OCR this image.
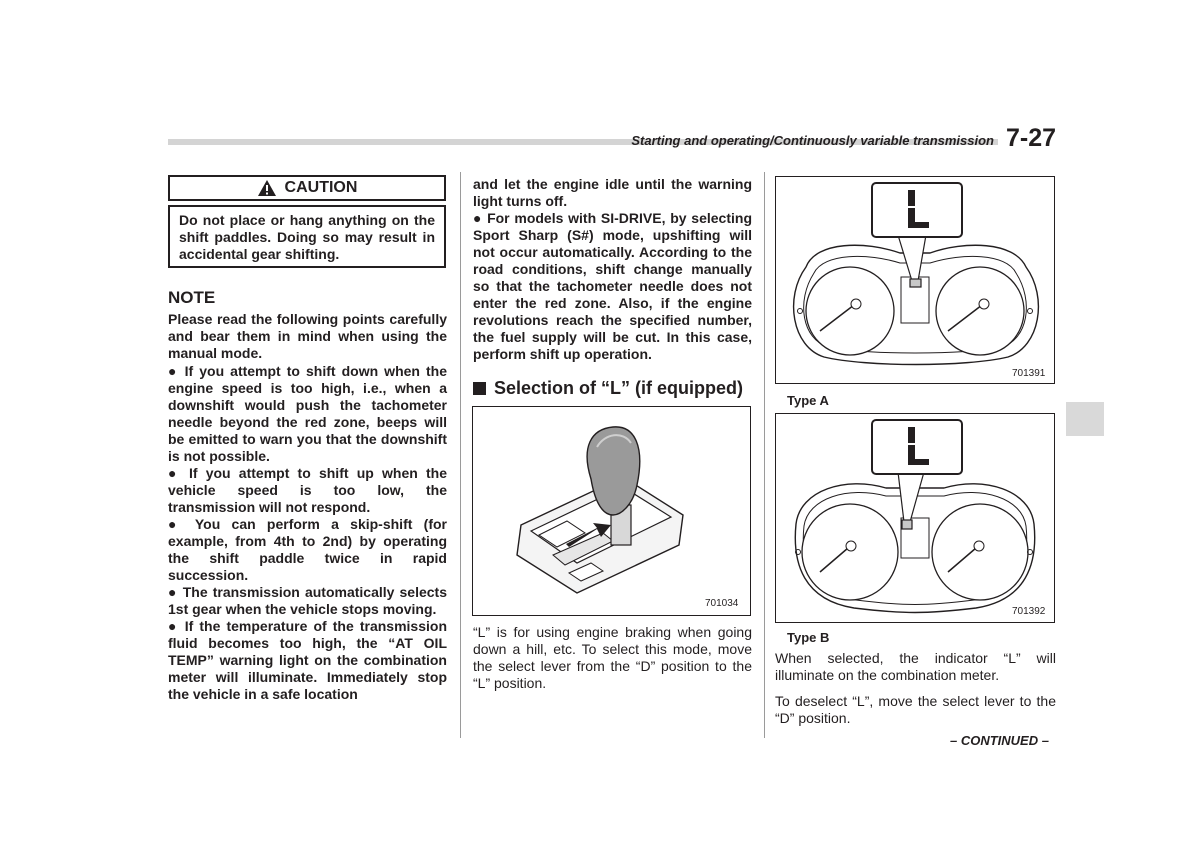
Starting and operating/Continuously variable transmission 7-27
CAUTION
Do not place or hang anything on the shift paddles. Doing so may result in accidental gear shifting.
NOTE

Please read the following points carefully and bear them in mind when using the manual mode.

● If you attempt to shift down when the engine speed is too high, i.e., when a downshift would push the tachometer needle beyond the red zone, beeps will be emitted to warn you that the downshift is not possible.

● If you attempt to shift up when the vehicle speed is too low, the transmission will not respond.

● You can perform a skip-shift (for example, from 4th to 2nd) by operating the shift paddle twice in rapid succession.

● The transmission automatically selects 1st gear when the vehicle stops moving.

● If the temperature of the transmission fluid becomes too high, the “AT OIL TEMP” warning light on the combination meter will illuminate. Immediately stop the vehicle in a safe location

and let the engine idle until the warning light turns off.

● For models with SI-DRIVE, by selecting Sport Sharp (S#) mode, upshifting will not occur automatically. According to the road conditions, shift change manually so that the tachometer needle does not enter the red zone. Also, if the engine revolutions reach the specified number, the fuel supply will be cut. In this case, perform shift up operation.

Selection of “L” (if equipped)
701034

“L” is for using engine braking when going down a hill, etc. To select this mode, move the select lever from the “D” position to the “L” position.

701391
Type A
701392
Type B

When selected, the indicator “L” will illuminate on the combination meter.

To deselect “L”, move the select lever to the “D” position.

– CONTINUED –
